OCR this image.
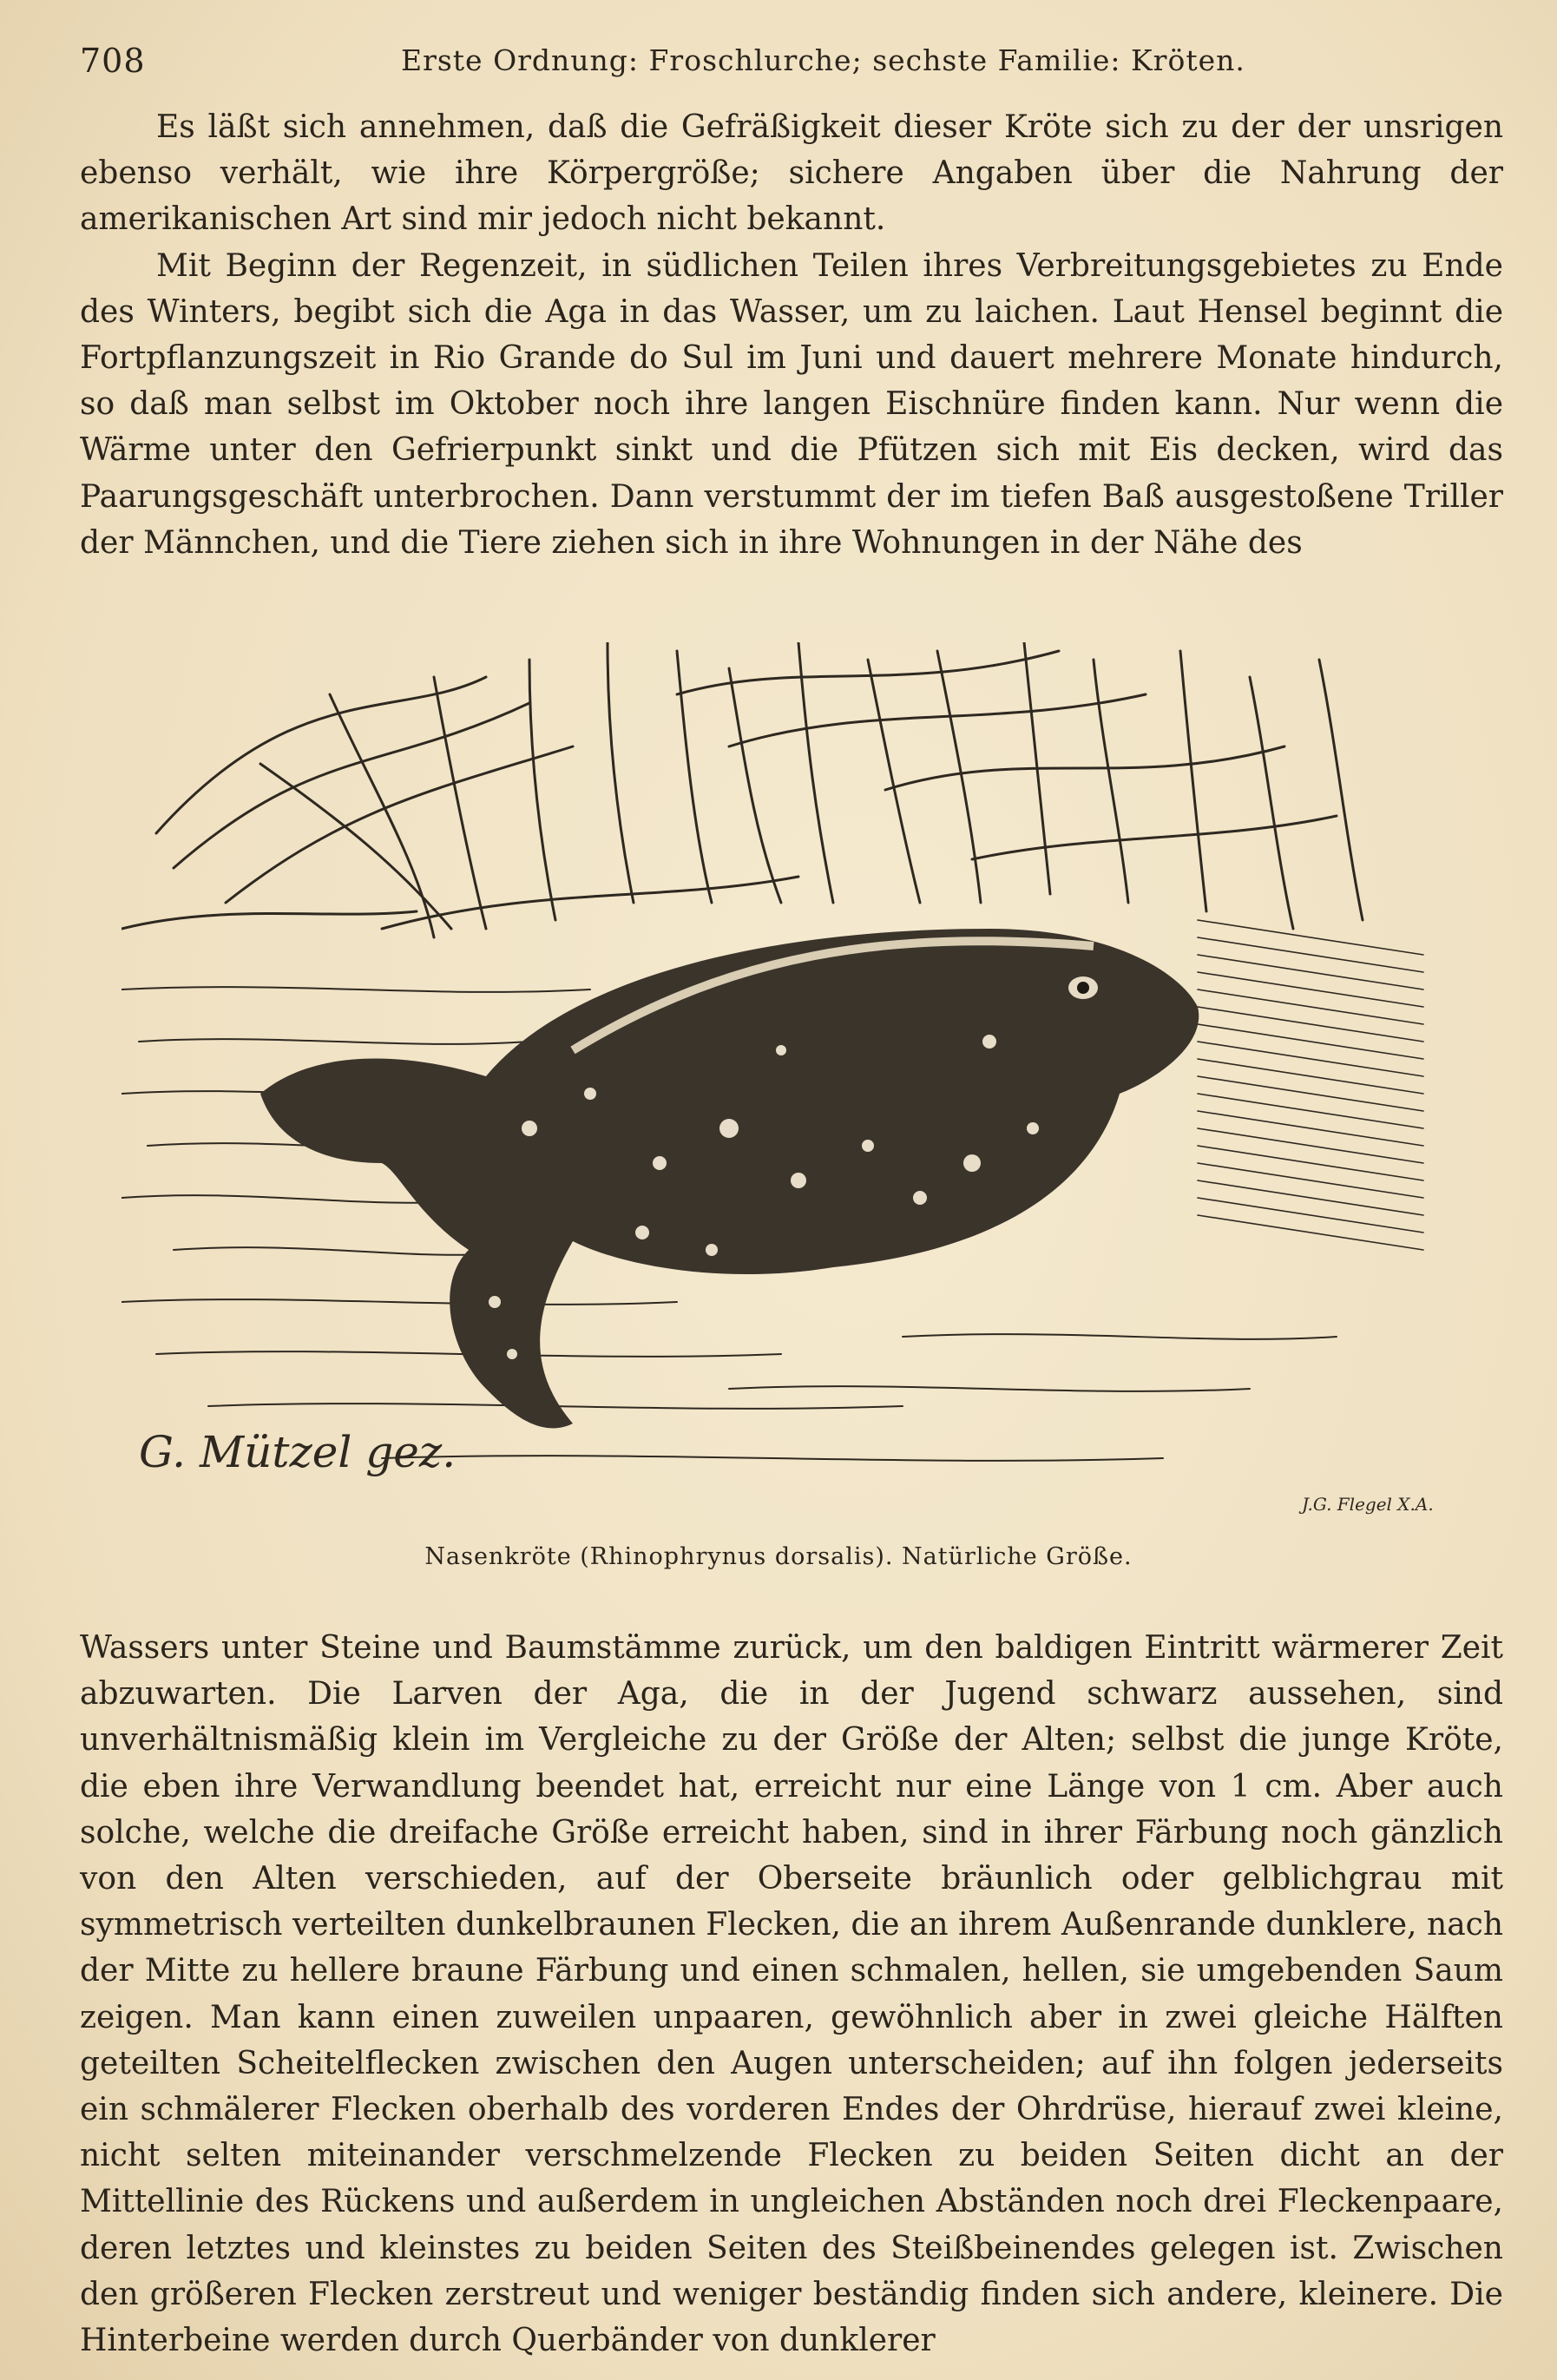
708	Erste Ordnung: Froschlurche; sechste Familie: Kröten.

Es läßt sich annehmen, daß die Gefräßigkeit dieser Kröte sich zu der der unsrigen ebenso verhält, wie ihre Körpergröße; sichere Angaben über die Nahrung der amerikanischen Art sind mir jedoch nicht bekannt.

Mit Beginn der Regenzeit, in südlichen Teilen ihres Verbreitungsgebietes zu Ende des Winters, begibt sich die Aga in das Wasser, um zu laichen. Laut Hensel beginnt die Fortpflanzungszeit in Rio Grande do Sul im Juni und dauert mehrere Monate hindurch, so daß man selbst im Oktober noch ihre langen Eischnüre finden kann. Nur wenn die Wärme unter den Gefrierpunkt sinkt und die Pfützen sich mit Eis decken, wird das Paarungsgeschäft unterbrochen. Dann verstummt der im tiefen Baß ausgestoßene Triller der Männchen, und die Tiere ziehen sich in ihre Wohnungen in der Nähe des

G. Mützel gez.
J.G. Flegel X.A.
Nasenkröte (Rhinophrynus dorsalis). Natürliche Größe.

Wassers unter Steine und Baumstämme zurück, um den baldigen Eintritt wärmerer Zeit abzuwarten. Die Larven der Aga, die in der Jugend schwarz aussehen, sind unverhältnismäßig klein im Vergleiche zu der Größe der Alten; selbst die junge Kröte, die eben ihre Verwandlung beendet hat, erreicht nur eine Länge von 1 cm. Aber auch solche, welche die dreifache Größe erreicht haben, sind in ihrer Färbung noch gänzlich von den Alten verschieden, auf der Oberseite bräunlich oder gelblichgrau mit symmetrisch verteilten dunkelbraunen Flecken, die an ihrem Außenrande dunklere, nach der Mitte zu hellere braune Färbung und einen schmalen, hellen, sie umgebenden Saum zeigen. Man kann einen zuweilen unpaaren, gewöhnlich aber in zwei gleiche Hälften geteilten Scheitelflecken zwischen den Augen unterscheiden; auf ihn folgen jederseits ein schmälerer Flecken oberhalb des vorderen Endes der Ohrdrüse, hierauf zwei kleine, nicht selten miteinander verschmelzende Flecken zu beiden Seiten dicht an der Mittellinie des Rückens und außerdem in ungleichen Abständen noch drei Fleckenpaare, deren letztes und kleinstes zu beiden Seiten des Steißbeinendes gelegen ist. Zwischen den größeren Flecken zerstreut und weniger beständig finden sich andere, kleinere. Die Hinterbeine werden durch Querbänder von dunklerer
